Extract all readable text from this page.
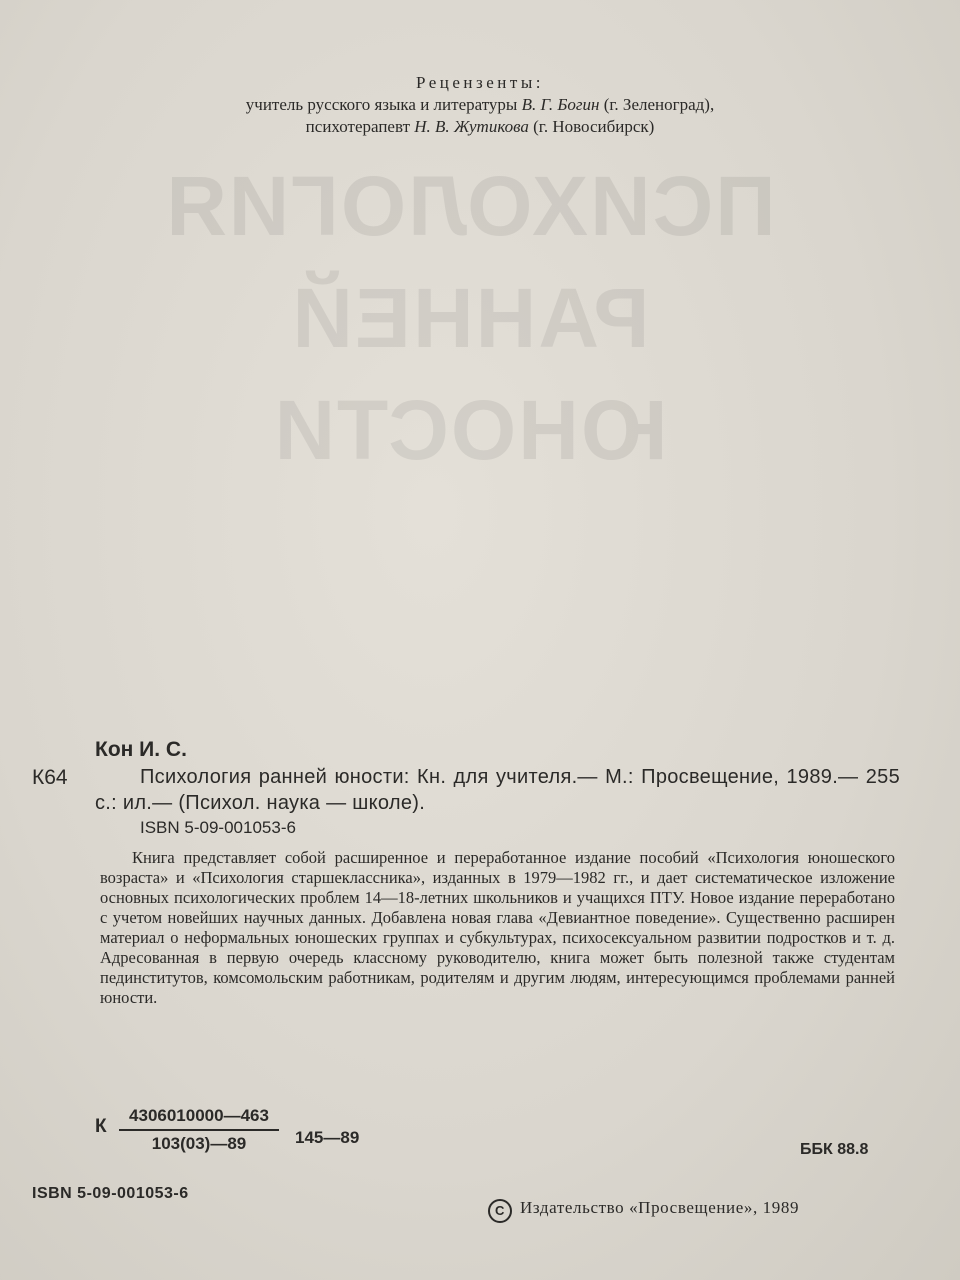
ПСИХОЛОГИЯ
РАННЕЙ
ЮНОСТИ
Рецензенты:
учитель русского языка и литературы В. Г. Богин (г. Зеленоград),
психотерапевт Н. В. Жутикова (г. Новосибирск)
Кон И. С.
К64	Психология ранней юности: Кн. для учителя.— М.: Просвещение, 1989.— 255 с.: ил.— (Психол. наука — школе).
ISBN 5-09-001053-6
Книга представляет собой расширенное и переработанное издание пособий «Психология юношеского возраста» и «Психология старшеклассника», изданных в 1979—1982 гг., и дает систематическое изложение основных психологических проблем 14—18-летних школьников и учащихся ПТУ. Новое издание переработано с учетом новейших научных данных. Добавлена новая глава «Девиантное поведение». Существенно расширен материал о неформальных юношеских группах и субкультурах, психосексуальном развитии подростков и т. д. Адресованная в первую очередь классному руководителю, книга может быть полезной также студентам пединститутов, комсомольским работникам, родителям и другим людям, интересующимся проблемами ранней юности.
К $\frac{4306010000—463}{103(03)—89}$ 145—89
ББК 88.8
ISBN 5-09-001053-6
C Издательство «Просвещение», 1989
